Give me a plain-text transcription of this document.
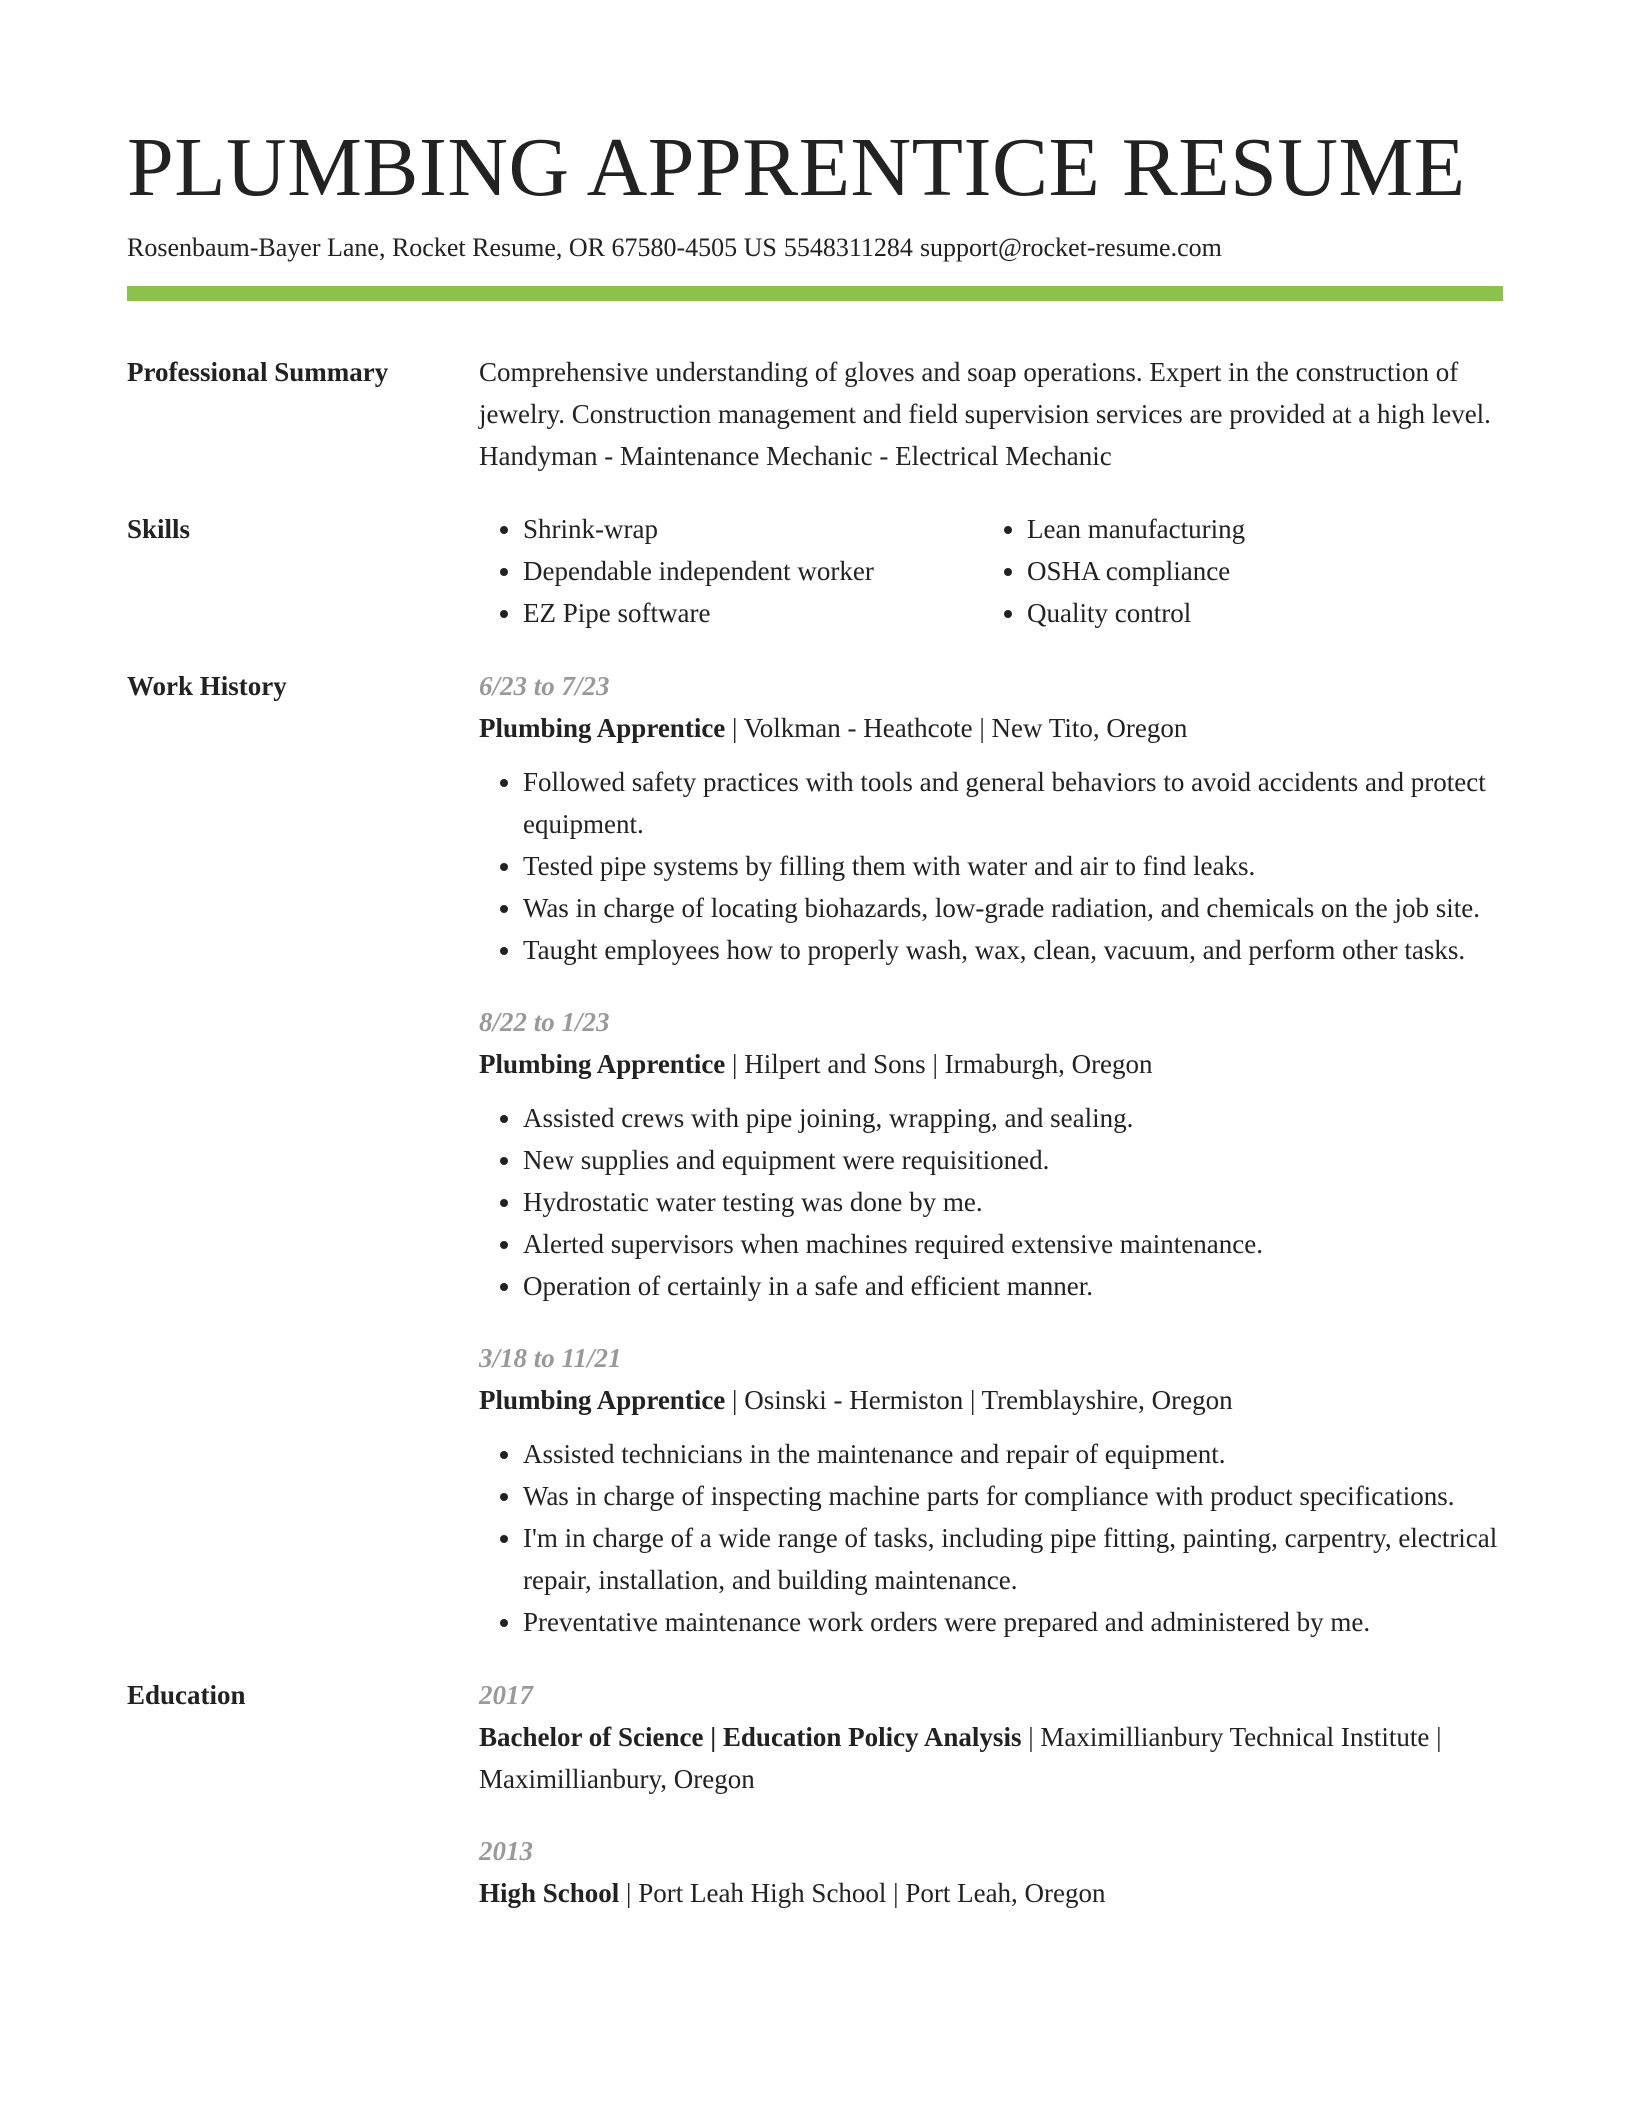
PLUMBING APPRENTICE RESUME
Rosenbaum-Bayer Lane, Rocket Resume, OR 67580-4505 US 5548311284 support@rocket-resume.com
Professional Summary	Comprehensive understanding of gloves and soap operations. Expert in the construction of jewelry. Construction management and field supervision services are provided at a high level. Handyman - Maintenance Mechanic - Electrical Mechanic
Skills
•	Shrink-wrap
• Dependable independent worker
• EZ Pipe software
• Lean manufacturing
• OSHA compliance
• Quality control
Work History	6/23 to 7/23
Plumbing Apprentice | Volkman - Heathcote | New Tito, Oregon
• Followed safety practices with tools and general behaviors to avoid accidents and protect equipment.
• Tested pipe systems by filling them with water and air to find leaks.
• Was in charge of locating biohazards, low-grade radiation, and chemicals on the job site.
• Taught employees how to properly wash, wax, clean, vacuum, and perform other tasks.
8/22 to 1/23
Plumbing Apprentice | Hilpert and Sons | Irmaburgh, Oregon
• Assisted crews with pipe joining, wrapping, and sealing.
• New supplies and equipment were requisitioned.
• Hydrostatic water testing was done by me.
• Alerted supervisors when machines required extensive maintenance.
• Operation of certainly in a safe and efficient manner.
3/18 to 11/21
Plumbing Apprentice | Osinski - Hermiston | Tremblayshire, Oregon
• Assisted technicians in the maintenance and repair of equipment.
• Was in charge of inspecting machine parts for compliance with product specifications.
• I'm in charge of a wide range of tasks, including pipe fitting, painting, carpentry, electrical repair, installation, and building maintenance.
• Preventative maintenance work orders were prepared and administered by me.
Education	2017
Bachelor of Science | Education Policy Analysis | Maximillianbury Technical Institute | Maximillianbury, Oregon
2013
High School | Port Leah High School | Port Leah, Oregon
